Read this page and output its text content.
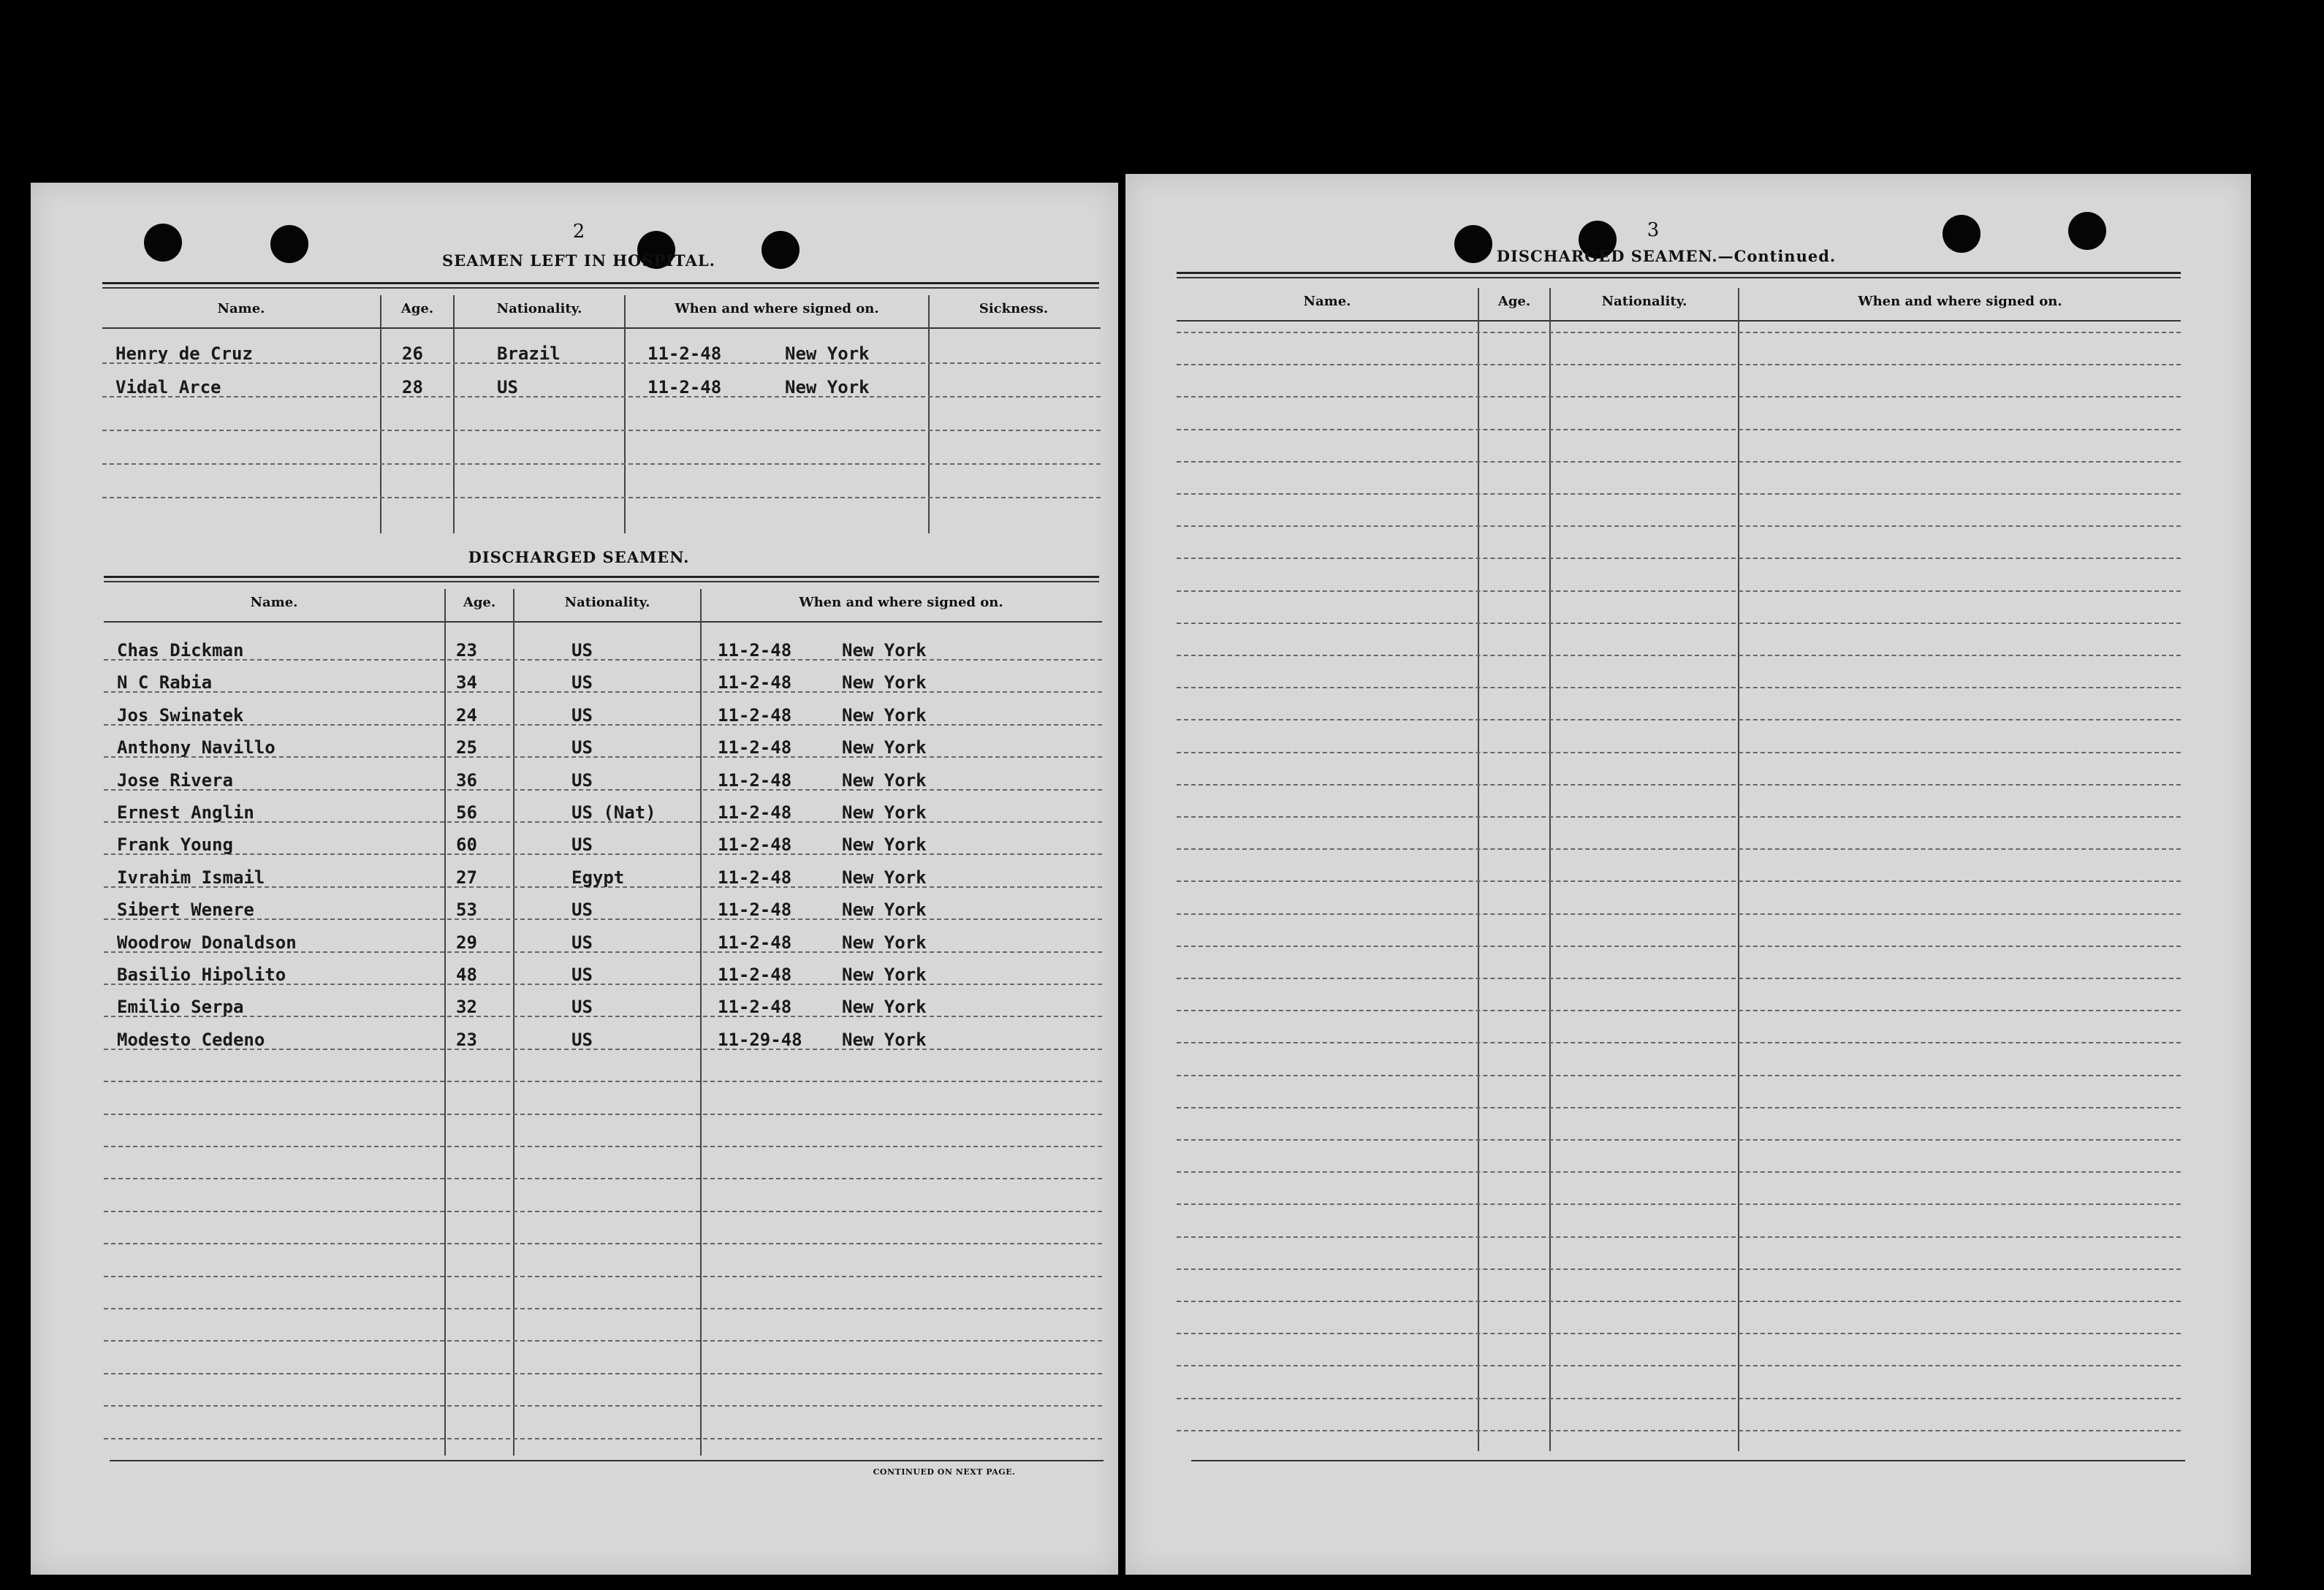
2
SEAMEN LEFT IN HOSPITAL.
Name.	Age.	Nationality.	When and where signed on.	Sickness.
Henry de Cruz	26	Brazil	11-2-48	New York
Vidal Arce	28	US	11-2-48	New York
DISCHARGED SEAMEN.
Name.	Age.	Nationality.	When and where signed on.
Chas Dickman	23	US	11-2-48	New York
N C Rabia	34	US	11-2-48	New York
Jos Swinatek	24	US	11-2-48	New York
Anthony Navillo	25	US	11-2-48	New York
Jose Rivera	36	US	11-2-48	New York
Ernest Anglin	56	US (Nat)	11-2-48	New York
Frank Young	60	US	11-2-48	New York
Ivrahim Ismail	27	Egypt	11-2-48	New York
Sibert Wenere	53	US	11-2-48	New York
Woodrow Donaldson	29	US	11-2-48	New York
Basilio Hipolito	48	US	11-2-48	New York
Emilio Serpa	32	US	11-2-48	New York
Modesto Cedeno	23	US	11-29-48 New York
CONTINUED ON NEXT PAGE.
3
DISCHARGED SEAMEN.—Continued.
Name.	Age.	Nationality.	When and where signed on.
